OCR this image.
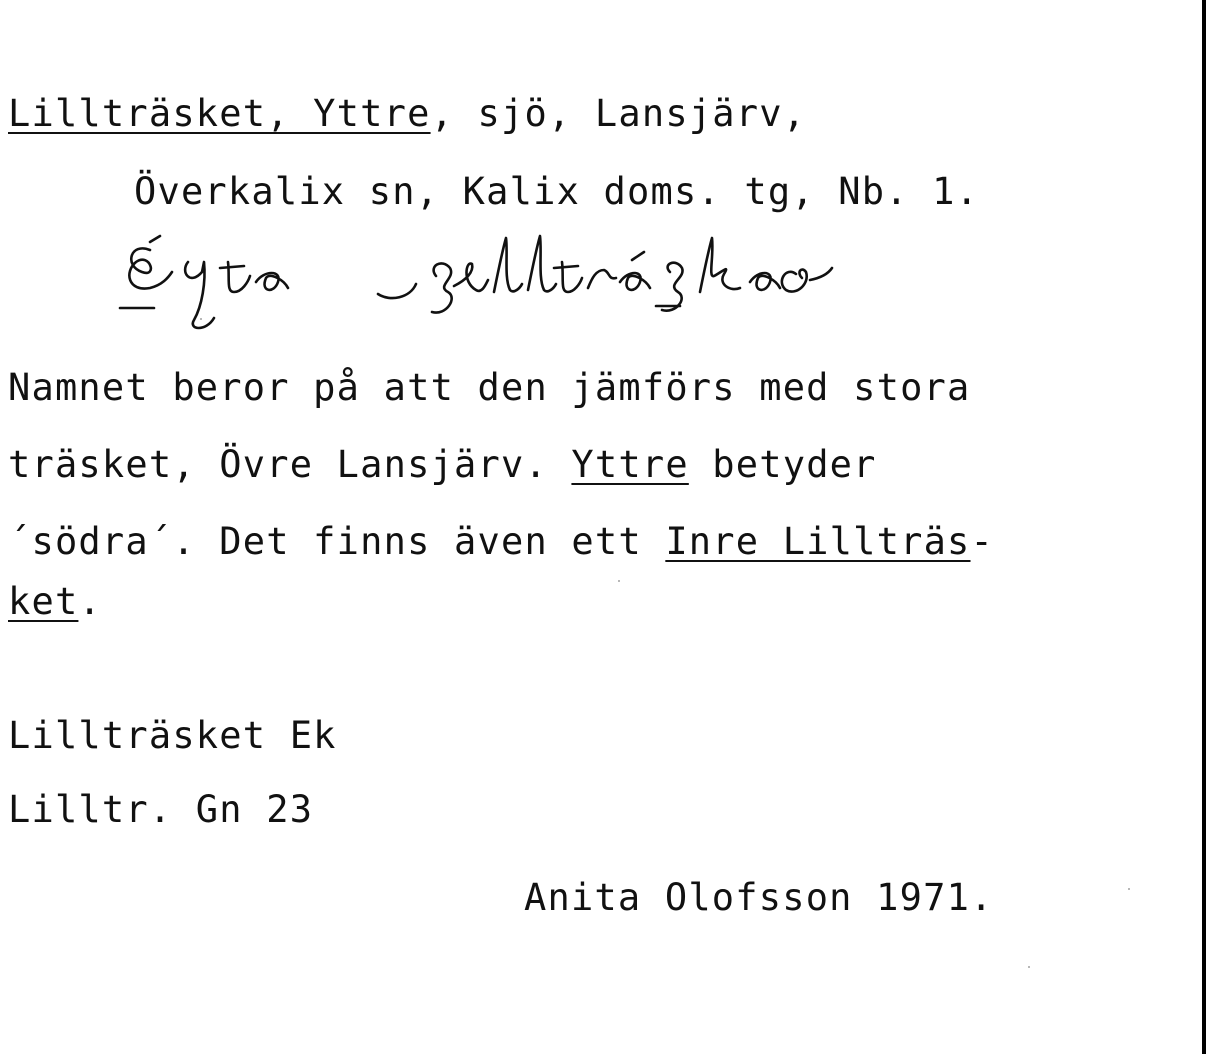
Lillträsket, Yttre, sjö, Lansjärv,
Överkalix sn, Kalix doms. tg, Nb. 1.
Namnet beror på att den jämförs med stora
träsket, Övre Lansjärv. Yttre betyder
´södra´. Det finns även ett Inre Lillträs-
ket.
Lillträsket Ek
Lilltr. Gn 23
Anita Olofsson 1971.
